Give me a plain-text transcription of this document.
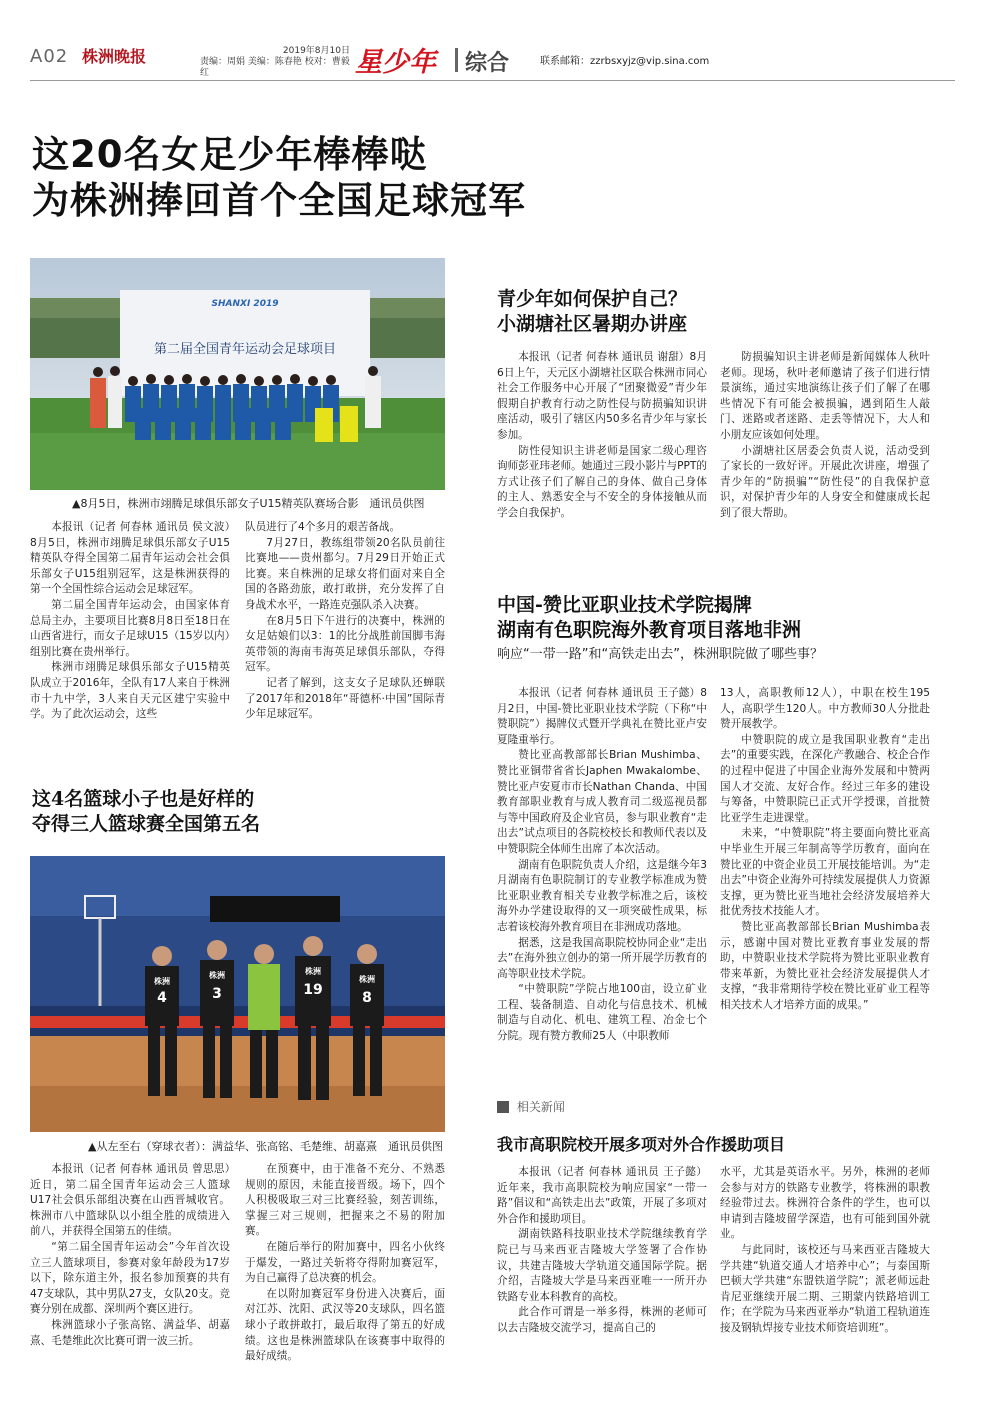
A02 株洲晚报	2019年8月10日
责编：周娟 美编：陈春艳 校对：曹毅红	星少年 综合	联系邮箱：zzrbsxyjz@vip.sina.com
这20名女足少年棒棒哒
为株洲捧回首个全国足球冠军
SHANXI 2019
第二届全国青年运动会足球项目
▲8月5日，株洲市翊腾足球俱乐部女子U15精英队赛场合影　通讯员供图

本报讯（记者 何春林 通讯员 侯文波）8月5日，株洲市翊腾足球俱乐部女子U15精英队夺得全国第二届青年运动会社会俱乐部女子U15组别冠军，这是株洲获得的第一个全国性综合运动会足球冠军。

第二届全国青年运动会，由国家体育总局主办，主要项目比赛8月8日至18日在山西省进行，而女子足球U15（15岁以内）组别比赛在贵州举行。

株洲市翊腾足球俱乐部女子U15精英队成立于2016年，全队有17人来自于株洲市十九中学，3人来自天元区建宁实验中学。为了此次运动会，这些

队员进行了4个多月的艰苦备战。

7月27日，教练组带领20名队员前往比赛地——贵州都匀。7月29日开始正式比赛。来自株洲的足球女将们面对来自全国的各路劲旅，敢打敢拼，充分发挥了自身战术水平，一路连克强队杀入决赛。

在8月5日下午进行的决赛中，株洲的女足姑娘们以3：1的比分战胜前国脚韦海英带领的海南韦海英足球俱乐部队，夺得冠军。

记者了解到，这支女子足球队还蝉联了2017年和2018年“哥德杯·中国”国际青少年足球冠军。

青少年如何保护自己？
小湖塘社区暑期办讲座

本报讯（记者 何春林 通讯员 谢甜）8月6日上午，天元区小湖塘社区联合株洲市同心社会工作服务中心开展了“团聚微爱”青少年假期自护教育行动之防性侵与防损骗知识讲座活动，吸引了辖区内50多名青少年与家长参加。

防性侵知识主讲老师是国家二级心理咨询师彭亚玮老师。她通过三段小影片与PPT的方式让孩子们了解自己的身体、做自己身体的主人、熟悉安全与不安全的身体接触从而学会自我保护。

防损骗知识主讲老师是新闻媒体人秋叶老师。现场，秋叶老师邀请了孩子们进行情景演练，通过实地演练让孩子们了解了在哪些情况下有可能会被损骗，遇到陌生人敲门、迷路或者迷路、走丢等情况下，大人和小朋友应该如何处理。

小湖塘社区居委会负责人说，活动受到了家长的一致好评。开展此次讲座，增强了青少年的“防损骗”“防性侵”的自我保护意识，对保护青少年的人身安全和健康成长起到了很大帮助。

中国-赞比亚职业技术学院揭牌
湖南有色职院海外教育项目落地非洲
响应“一带一路”和“高铁走出去”，株洲职院做了哪些事？

本报讯（记者 何春林 通讯员 王子懿）8月2日，中国-赞比亚职业技术学院（下称“中赞职院”）揭牌仪式暨开学典礼在赞比亚卢安夏隆重举行。

赞比亚高教部部长Brian Mushimba、赞比亚铜带省省长Japhen Mwakalombe、赞比亚卢安夏市市长Nathan Chanda、中国教育部职业教育与成人教育司二级巡视员都与等中国政府及企业官员，参与职业教育“走出去”试点项目的各院校校长和教师代表以及中赞职院全体师生出席了本次活动。

湖南有色职院负责人介绍，这是继今年3月湖南有色职院制订的专业教学标准成为赞比亚职业教育相关专业教学标准之后，该校海外办学建设取得的又一项突破性成果，标志着该校海外教育项目在非洲成功落地。

据悉，这是我国高职院校协同企业“走出去”在海外独立创办的第一所开展学历教育的高等职业技术学院。

“中赞职院”学院占地100亩，设立矿业工程、装备制造、自动化与信息技术、机械制造与自动化、机电、建筑工程、冶金七个分院。现有赞方教师25人（中职教师

13人，高职教师12人），中职在校生195人，高职学生120人。中方教师30人分批赴赞开展教学。

中赞职院的成立是我国职业教育“走出去”的重要实践，在深化产教融合、校企合作的过程中促进了中国企业海外发展和中赞两国人才交流、友好合作。经过三年多的建设与筹备，中赞职院已正式开学授课，首批赞比亚学生走进课堂。

未来，“中赞职院”将主要面向赞比亚高中毕业生开展三年制高等学历教育，面向在赞比亚的中资企业员工开展技能培训。为“走出去”中资企业海外可持续发展提供人力资源支撑，更为赞比亚当地社会经济发展培养大批优秀技术技能人才。

赞比亚高教部部长Brian Mushimba表示，感谢中国对赞比亚教育事业发展的帮助，中赞职业技术学院将为赞比亚职业教育带来革新，为赞比亚社会经济发展提供人才支撑，“我非常期待学校在赞比亚矿业工程等相关技术人才培养方面的成果。”

这4名篮球小子也是好样的
夺得三人篮球赛全国第五名
株洲
4
株洲
3
株洲
19
株洲
8
▲从左至右（穿球衣者）：满益华、张高铭、毛楚维、胡嘉熹　通讯员供图

本报讯（记者 何春林 通讯员 曾思思）近日，第二届全国青年运动会三人篮球U17社会俱乐部组决赛在山西晋城收官。株洲市八中篮球队以小组全胜的成绩进入前八，并获得全国第五的佳绩。

“第二届全国青年运动会”今年首次设立三人篮球项目，参赛对象年龄段为17岁以下，除东道主外，报名参加预赛的共有47支球队，其中男队27支，女队20支。竞赛分别在成都、深圳两个赛区进行。

株洲篮球小子张高铭、满益华、胡嘉熹、毛楚维此次比赛可谓一波三折。

在预赛中，由于准备不充分、不熟悉规则的原因，未能直接晋级。场下，四个人积极吸取三对三比赛经验，刻苦训练，掌握三对三规则，把握来之不易的附加赛。

在随后举行的附加赛中，四名小伙终于爆发，一路过关斩将夺得附加赛冠军，为自己赢得了总决赛的机会。

在以附加赛冠军身份进入决赛后，面对江苏、沈阳、武汉等20支球队，四名篮球小子敢拼敢打，最后取得了第五的好成绩。这也是株洲篮球队在该赛事中取得的最好成绩。

相关新闻
我市高职院校开展多项对外合作援助项目

本报讯（记者 何春林 通讯员 王子懿）近年来，我市高职院校为响应国家“一带一路”倡议和“高铁走出去”政策，开展了多项对外合作和援助项目。

湖南铁路科技职业技术学院继续教育学院已与马来西亚吉隆坡大学签署了合作协议，共建吉隆坡大学轨道交通国际学院。据介绍，吉隆坡大学是马来西亚唯一一所开办铁路专业本科教育的高校。

此合作可谓是一举多得，株洲的老师可以去吉隆坡交流学习，提高自己的

水平，尤其是英语水平。另外，株洲的老师会参与对方的铁路专业教学，将株洲的职教经验带过去。株洲符合条件的学生，也可以申请到吉隆坡留学深造，也有可能到国外就业。

与此同时，该校还与马来西亚吉隆坡大学共建“轨道交通人才培养中心”；与泰国斯巴顿大学共建“东盟铁道学院”；派老师远赴肯尼亚继续开展二期、三期蒙内铁路培训工作；在学院为马来西亚举办“轨道工程轨道连接及钢轨焊接专业技术师资培训班”。
